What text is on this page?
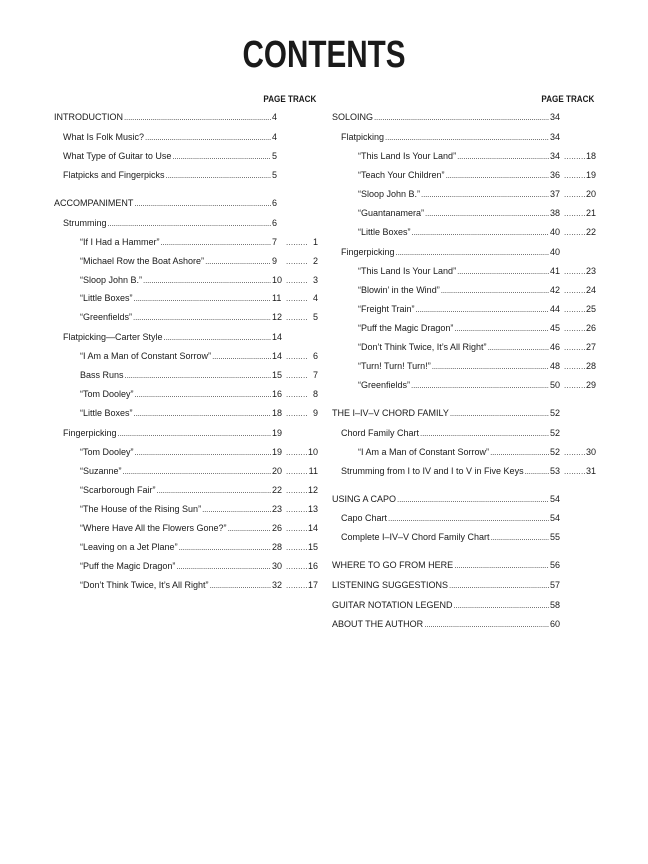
CONTENTS
PAGE TRACK
INTRODUCTION . . .	4
What Is Folk Music? . . .	4
What Type of Guitar to Use . . .	5
Flatpicks and Fingerpicks . . .	5
ACCOMPANIMENT . . .	6
Strumming . . .	6
“If I Had a Hammer” . . .	7 .....	1
“Michael Row the Boat Ashore” . . .	9 .....	2
“Sloop John B.” . . .	10 .....	3
“Little Boxes” . . .	11 .....	4
“Greenfields” . . .	12 .....	5
Flatpicking—Carter Style . . .	14
“I Am a Man of Constant Sorrow” . . .	14 .....	6
Bass Runs . . .	15 .....	7
“Tom Dooley” . . .	16 .....	8
“Little Boxes” . . .	18 .....	9
Fingerpicking . . .	19
“Tom Dooley” . . .	19 .....	10
“Suzanne” . . .	20 .....	11
“Scarborough Fair” . . .	22 .....	12
“The House of the Rising Sun” . . .	23 .....	13
“Where Have All the Flowers Gone?” . . .	26 .....	14
“Leaving on a Jet Plane” . . .	28 .....	15
“Puff the Magic Dragon” . . .	30 .....	16
“Don’t Think Twice, It’s All Right” . . .	32 .....	17
PAGE TRACK
SOLOING . . .	34
Flatpicking . . .	34
“This Land Is Your Land” . . .	34 .....	18
“Teach Your Children” . . .	36 .....	19
“Sloop John B.” . . .	37 .....	20
“Guantanamera” . . .	38 .....	21
“Little Boxes” . . .	40 .....	22
Fingerpicking . . .	40
“This Land Is Your Land” . . .	41 .....	23
“Blowin’ in the Wind” . . .	42 .....	24
“Freight Train” . . .	44 .....	25
“Puff the Magic Dragon” . . .	45 .....	26
“Don’t Think Twice, It’s All Right” . . .	46 .....	27
“Turn! Turn! Turn!” . . .	48 .....	28
“Greenfields” . . .	50 .....	29
THE I–IV–V CHORD FAMILY . . .	52
Chord Family Chart . . .	52
“I Am a Man of Constant Sorrow” . . .	52 .....	30
Strumming from I to IV and I to V in Five Keys . . .	53 .....	31
USING A CAPO . . .	54
Capo Chart . . .	54
Complete I–IV–V Chord Family Chart . . .	55
WHERE TO GO FROM HERE . . .	56
LISTENING SUGGESTIONS . . .	57
GUITAR NOTATION LEGEND . . .	58
ABOUT THE AUTHOR . . .	60
